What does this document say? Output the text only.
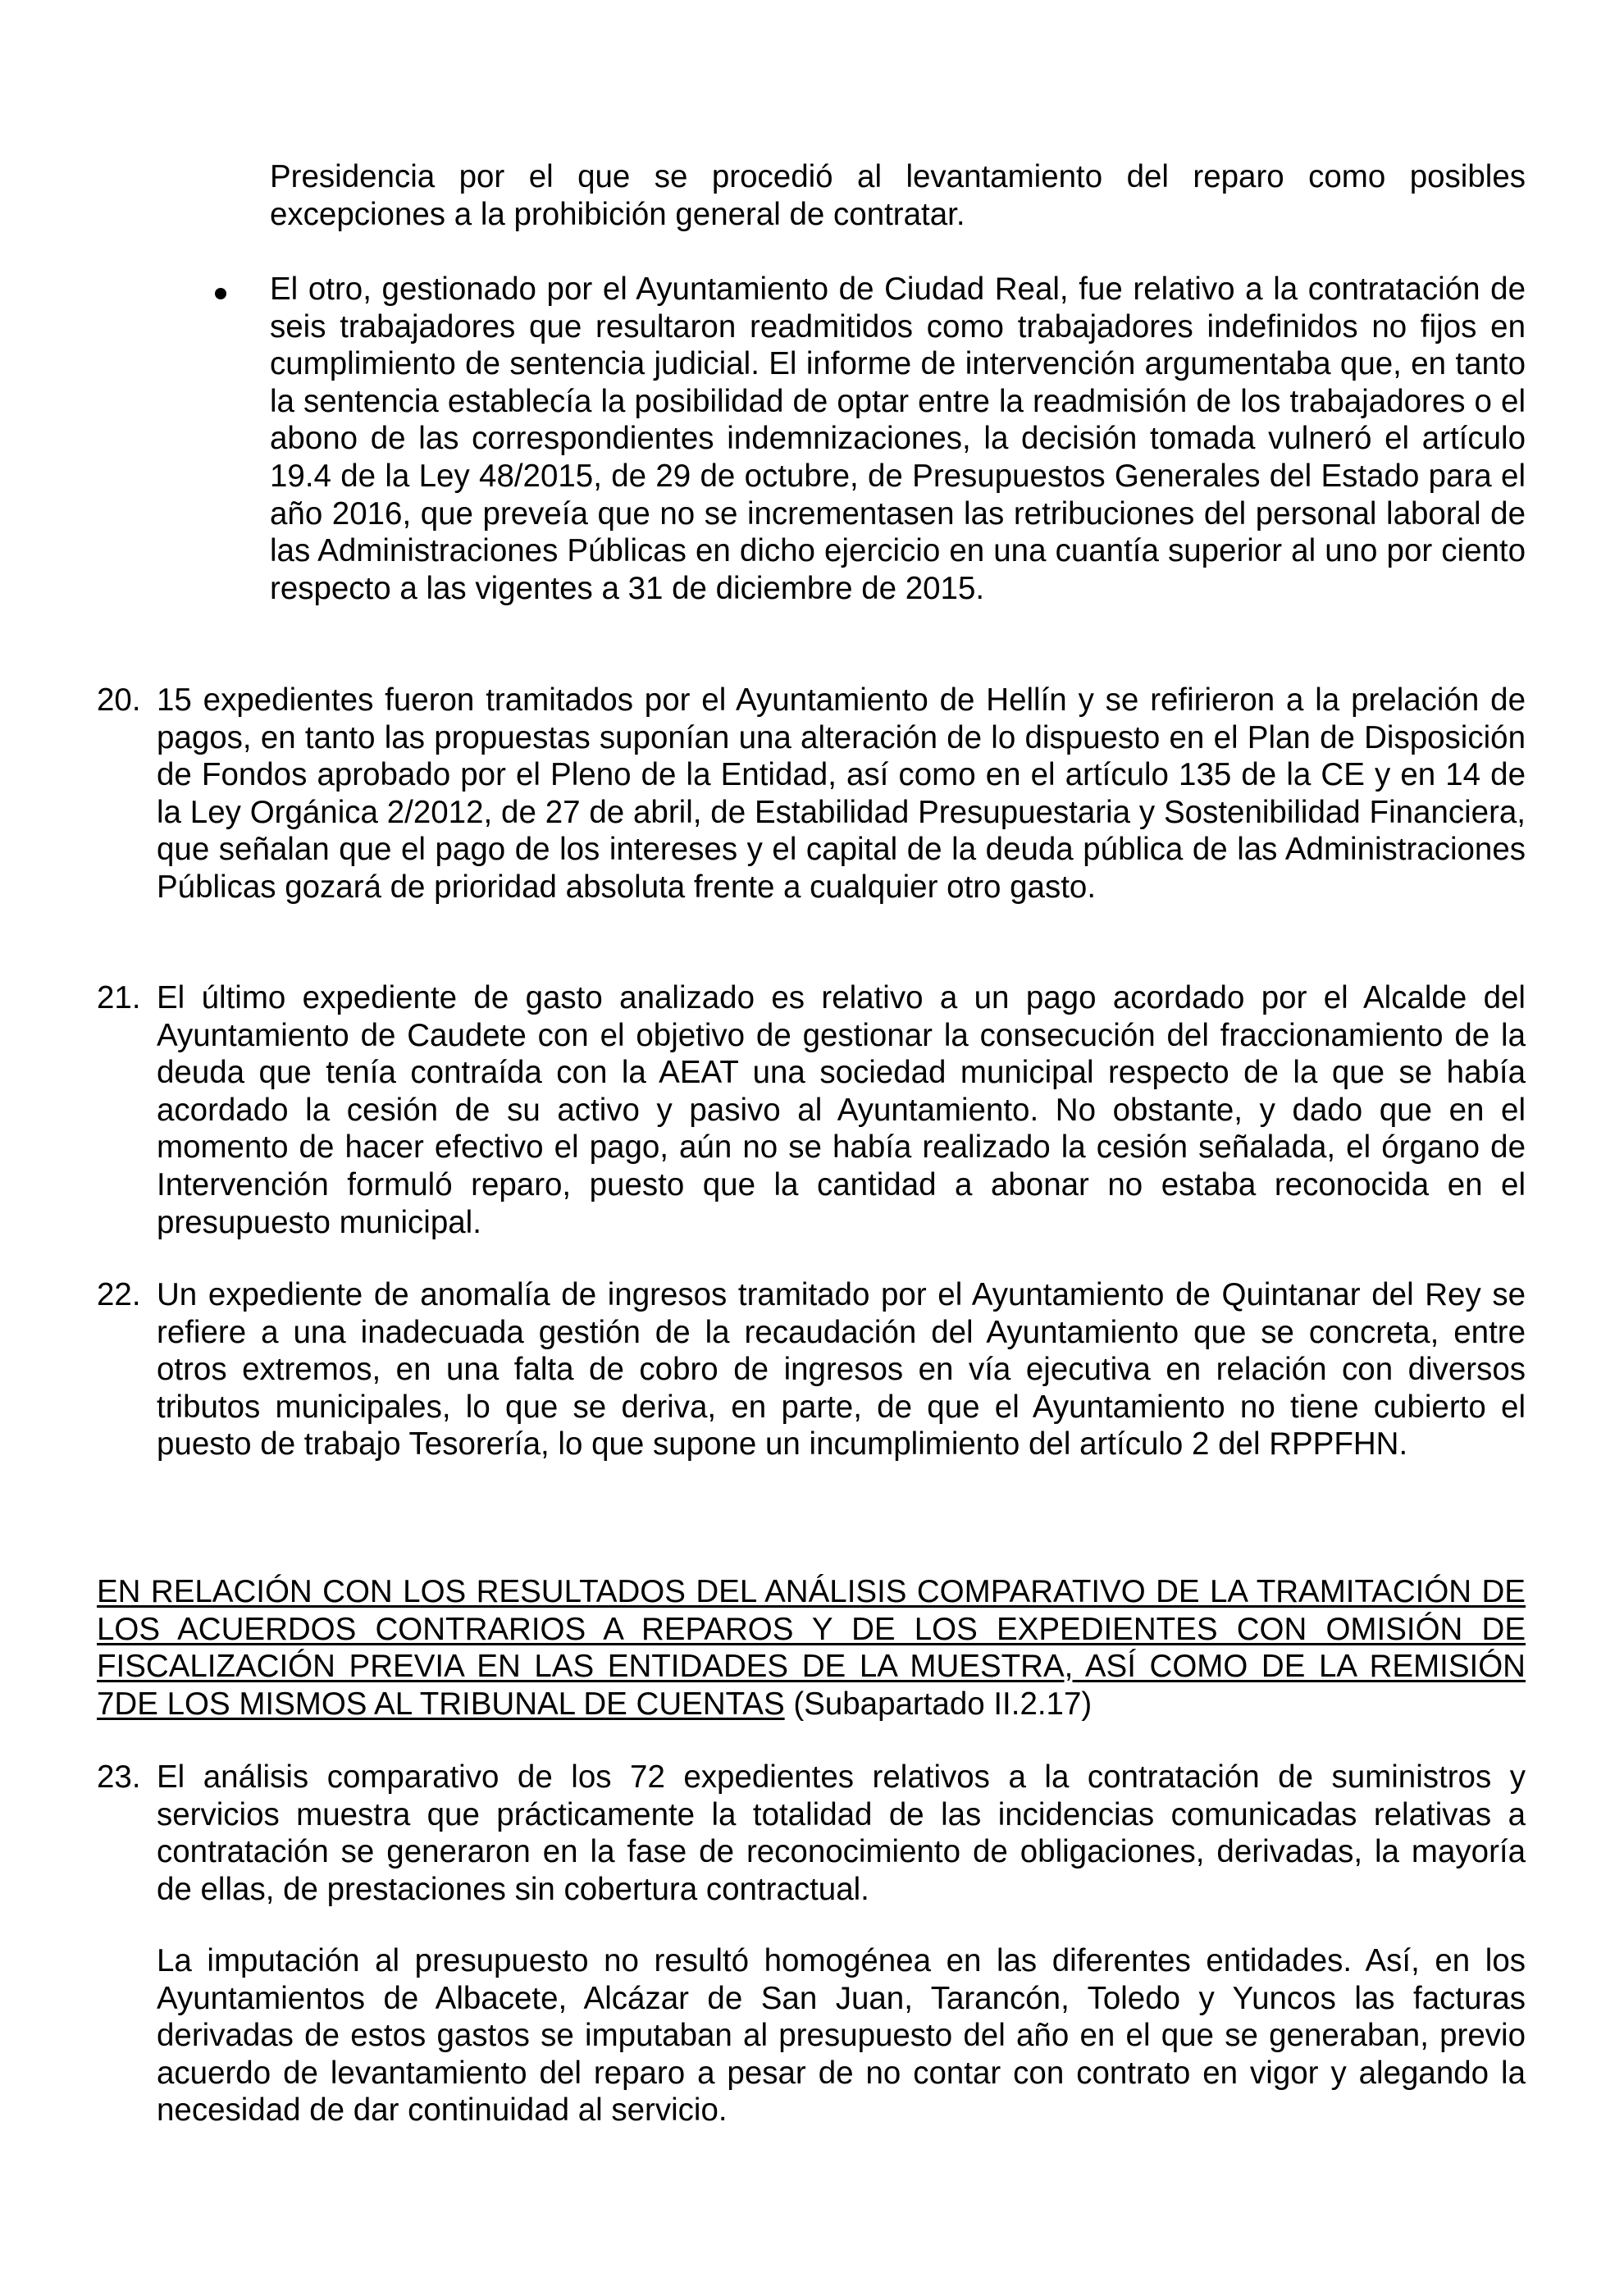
Presidencia por el que se procedió al levantamiento del reparo como posibles excepciones a la prohibición general de contratar.

El otro, gestionado por el Ayuntamiento de Ciudad Real, fue relativo a la contratación de seis trabajadores que resultaron readmitidos como trabajadores indefinidos no fijos en cumplimiento de sentencia judicial. El informe de intervención argumentaba que, en tanto la sentencia establecía la posibilidad de optar entre la readmisión de los trabajadores o el abono de las correspondientes indemnizaciones, la decisión tomada vulneró el artículo 19.4 de la Ley 48/2015, de 29 de octubre, de Presupuestos Generales del Estado para el año 2016, que preveía que no se incrementasen las retribuciones del personal laboral de las Administraciones Públicas en dicho ejercicio en una cuantía superior al uno por ciento respecto a las vigentes a 31 de diciembre de 2015.

20. 15 expedientes fueron tramitados por el Ayuntamiento de Hellín y se refirieron a la prelación de pagos, en tanto las propuestas suponían una alteración de lo dispuesto en el Plan de Disposición de Fondos aprobado por el Pleno de la Entidad, así como en el artículo 135 de la CE y en 14 de la Ley Orgánica 2/2012, de 27 de abril, de Estabilidad Presupuestaria y Sostenibilidad Financiera, que señalan que el pago de los intereses y el capital de la deuda pública de las Administraciones Públicas gozará de prioridad absoluta frente a cualquier otro gasto.

21. El último expediente de gasto analizado es relativo a un pago acordado por el Alcalde del Ayuntamiento de Caudete con el objetivo de gestionar la consecución del fraccionamiento de la deuda que tenía contraída con la AEAT una sociedad municipal respecto de la que se había acordado la cesión de su activo y pasivo al Ayuntamiento. No obstante, y dado que en el momento de hacer efectivo el pago, aún no se había realizado la cesión señalada, el órgano de Intervención formuló reparo, puesto que la cantidad a abonar no estaba reconocida en el presupuesto municipal.

22. Un expediente de anomalía de ingresos tramitado por el Ayuntamiento de Quintanar del Rey se refiere a una inadecuada gestión de la recaudación del Ayuntamiento que se concreta, entre otros extremos, en una falta de cobro de ingresos en vía ejecutiva en relación con diversos tributos municipales, lo que se deriva, en parte, de que el Ayuntamiento no tiene cubierto el puesto de trabajo Tesorería, lo que supone un incumplimiento del artículo 2 del RPPFHN.

EN RELACIÓN CON LOS RESULTADOS DEL ANÁLISIS COMPARATIVO DE LA TRAMITACIÓN DE LOS ACUERDOS CONTRARIOS A REPAROS Y DE LOS EXPEDIENTES CON OMISIÓN DE FISCALIZACIÓN PREVIA EN LAS ENTIDADES DE LA MUESTRA, ASÍ COMO DE LA REMISIÓN 7DE LOS MISMOS AL TRIBUNAL DE CUENTAS (Subapartado II.2.17)

23. El análisis comparativo de los 72 expedientes relativos a la contratación de suministros y servicios muestra que prácticamente la totalidad de las incidencias comunicadas relativas a contratación se generaron en la fase de reconocimiento de obligaciones, derivadas, la mayoría de ellas, de prestaciones sin cobertura contractual.

La imputación al presupuesto no resultó homogénea en las diferentes entidades. Así, en los Ayuntamientos de Albacete, Alcázar de San Juan, Tarancón, Toledo y Yuncos las facturas derivadas de estos gastos se imputaban al presupuesto del año en el que se generaban, previo acuerdo de levantamiento del reparo a pesar de no contar con contrato en vigor y alegando la necesidad de dar continuidad al servicio.
